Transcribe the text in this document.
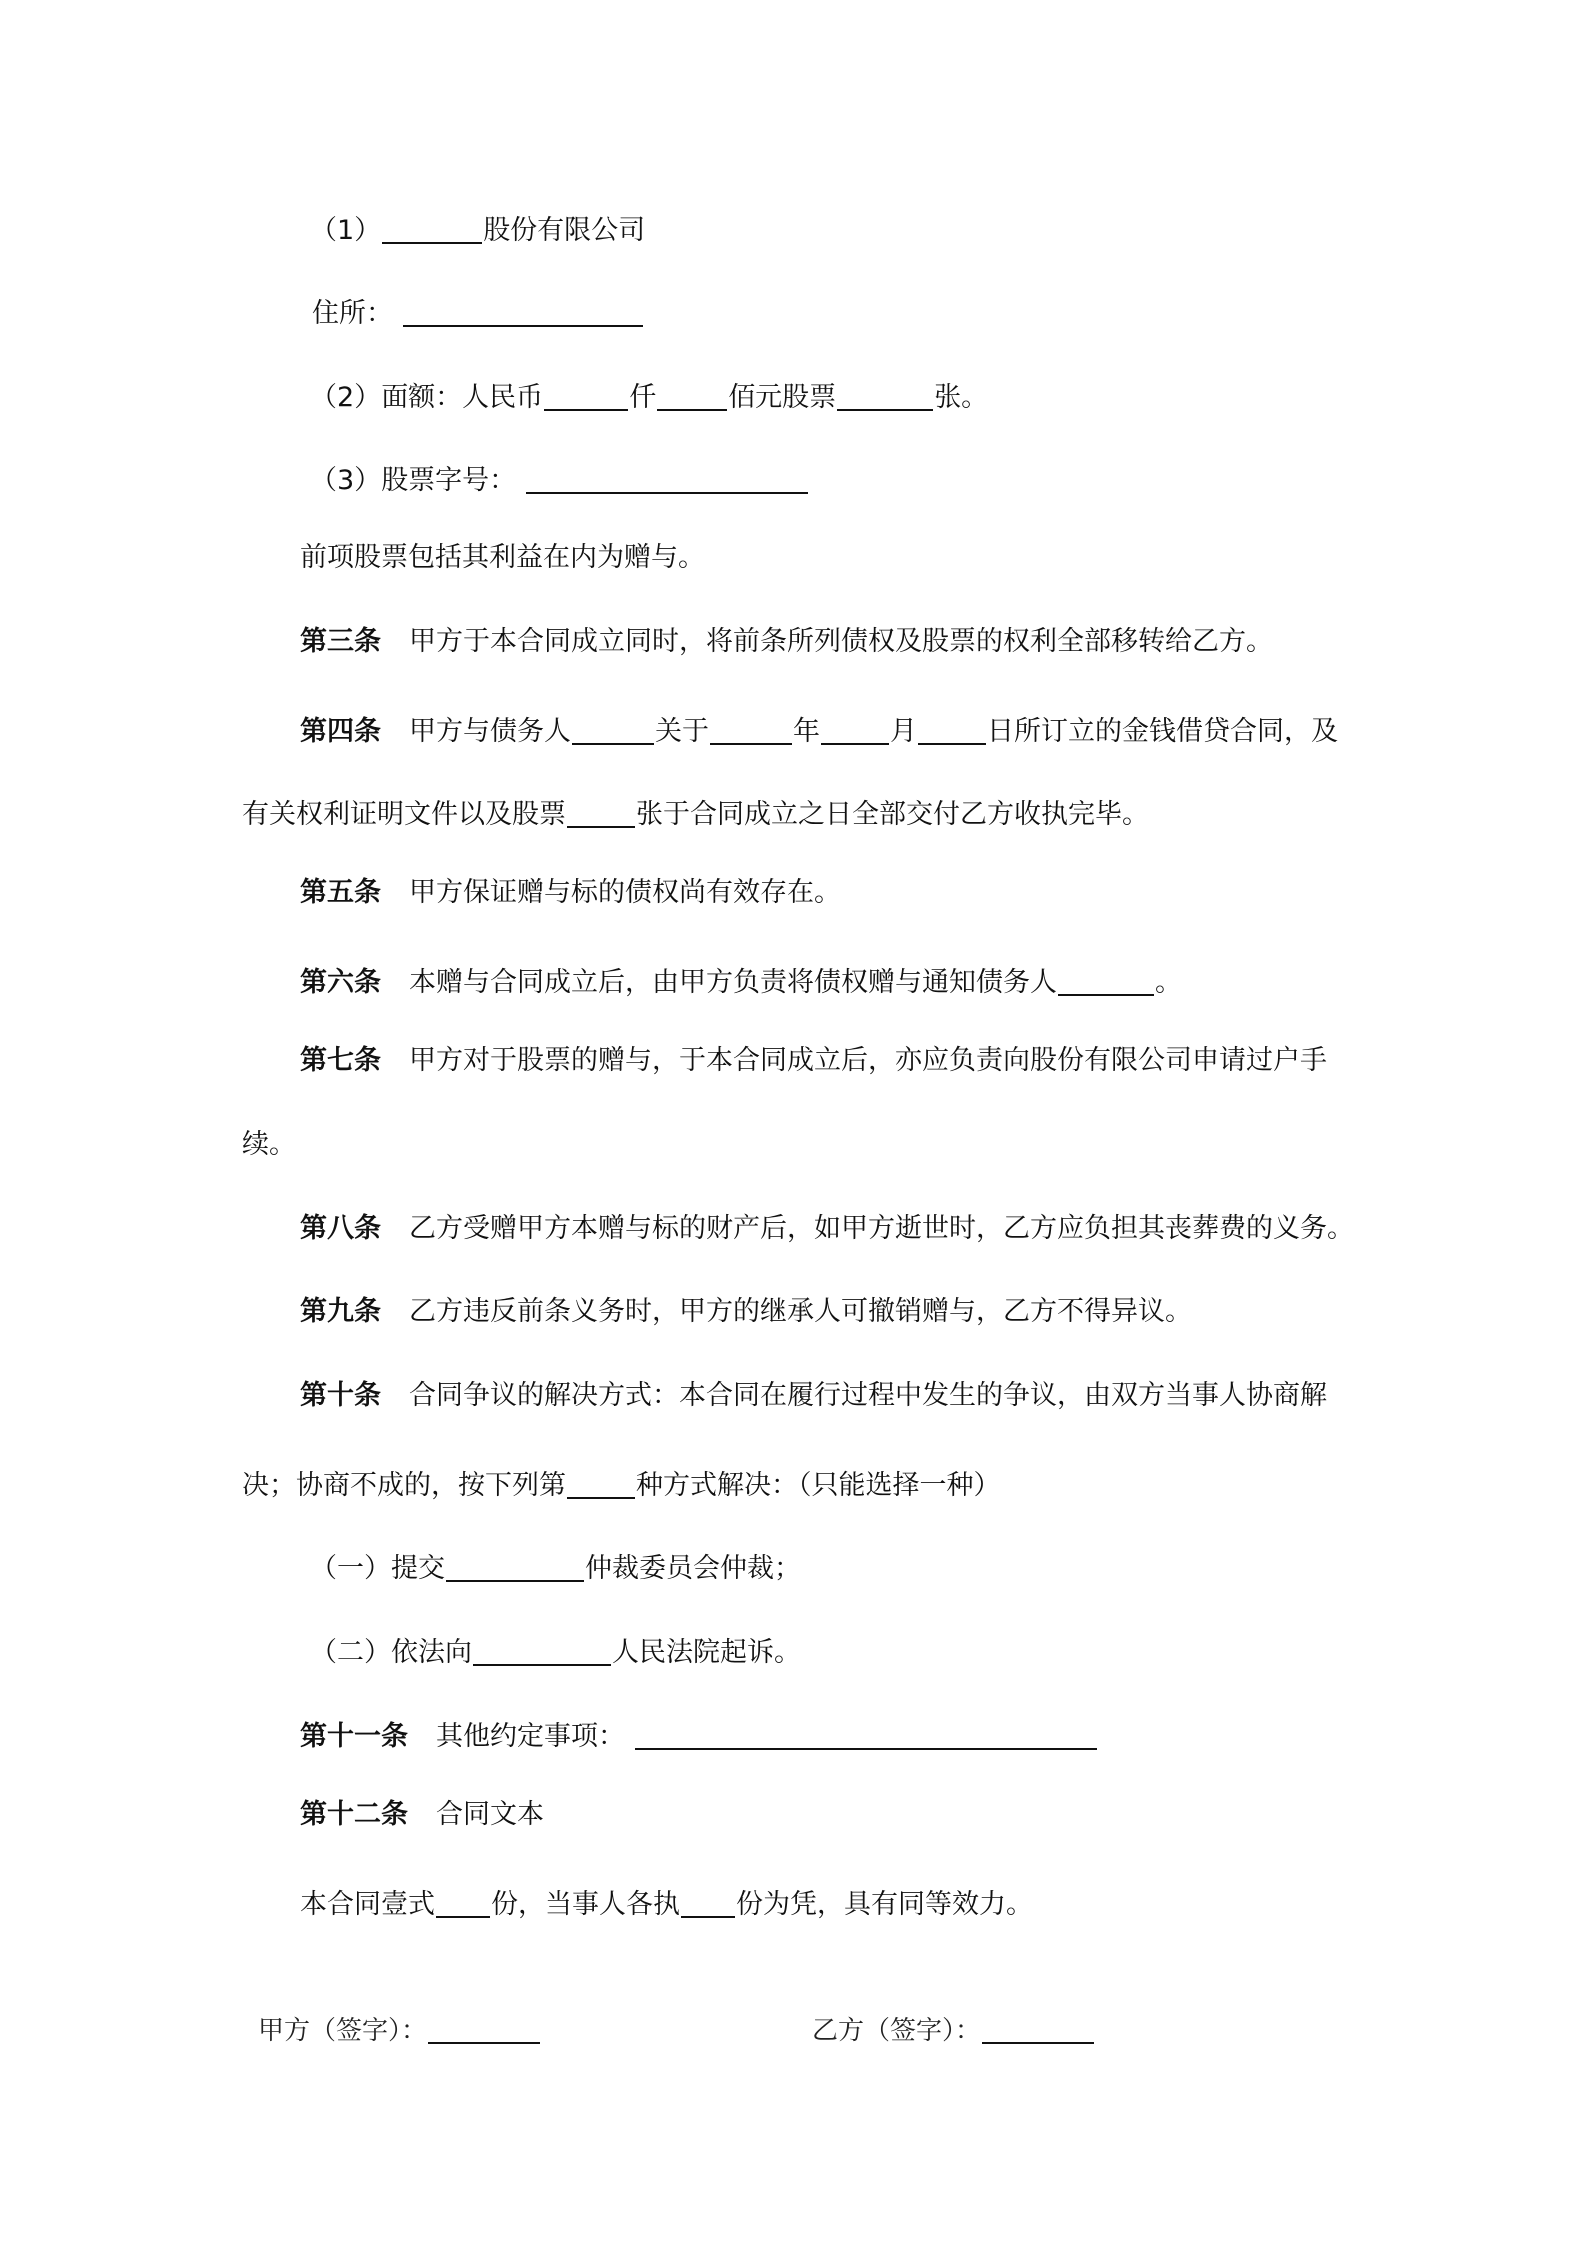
（1）	股份有限公司

住所：

（2）面额：人民币	仟	佰元股票	张。

（3）股票字号：

前项股票包括其利益在内为赠与。

第三条 甲方于本合同成立同时，将前条所列债权及股票的权利全部移转给乙方。

第四条 甲方与债务人	关于	年	月	日所订立的金钱借贷合同，及

有关权利证明文件以及股票	张于合同成立之日全部交付乙方收执完毕。

第五条 甲方保证赠与标的债权尚有效存在。

第六条 本赠与合同成立后，由甲方负责将债权赠与通知债务人	。

第七条 甲方对于股票的赠与，于本合同成立后，亦应负责向股份有限公司申请过户手

续。

第八条 乙方受赠甲方本赠与标的财产后，如甲方逝世时，乙方应负担其丧葬费的义务。

第九条 乙方违反前条义务时，甲方的继承人可撤销赠与，乙方不得异议。

第十条 合同争议的解决方式：本合同在履行过程中发生的争议，由双方当事人协商解

决；协商不成的，按下列第	种方式解决：（只能选择一种）

（一）提交	仲裁委员会仲裁；

（二）依法向	人民法院起诉。

第十一条 其他约定事项：

第十二条 合同文本

本合同壹式 份，当事人各执 份为凭，具有同等效力。

甲方（签字）：	乙方（签字）：
